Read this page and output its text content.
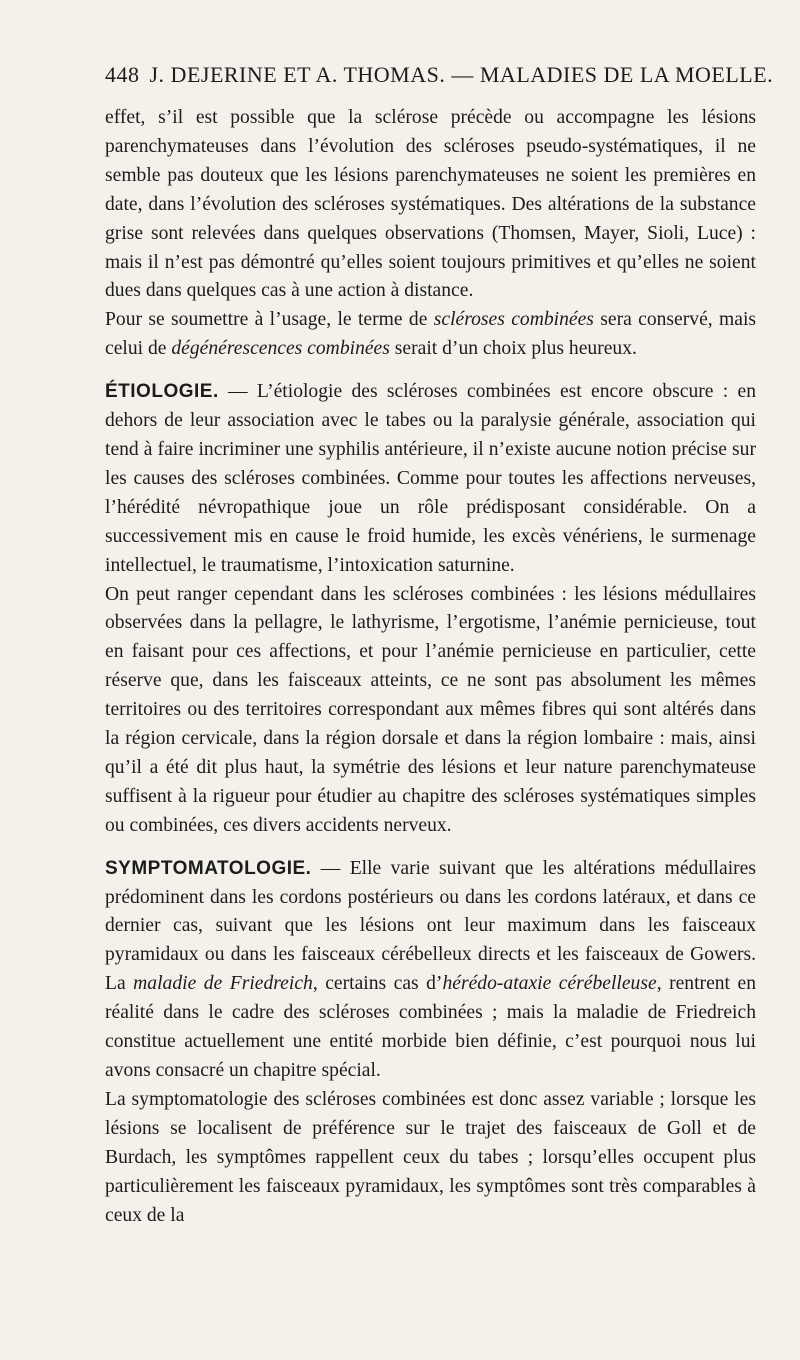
448 J. DEJERINE ET A. THOMAS. — MALADIES DE LA MOELLE.

effet, s’il est possible que la sclérose précède ou accompagne les lésions parenchymateuses dans l’évolution des scléroses pseudo-systématiques, il ne semble pas douteux que les lésions parenchymateuses ne soient les premières en date, dans l’évolution des scléroses systématiques. Des altérations de la substance grise sont relevées dans quelques observations (Thomsen, Mayer, Sioli, Luce) : mais il n’est pas démontré qu’elles soient toujours primitives et qu’elles ne soient dues dans quelques cas à une action à distance.

Pour se soumettre à l’usage, le terme de scléroses combinées sera conservé, mais celui de dégénérescences combinées serait d’un choix plus heureux.

ÉTIOLOGIE. — L’étiologie des scléroses combinées est encore obscure : en dehors de leur association avec le tabes ou la paralysie générale, association qui tend à faire incriminer une syphilis antérieure, il n’existe aucune notion précise sur les causes des scléroses combinées. Comme pour toutes les affections nerveuses, l’hérédité névropathique joue un rôle prédisposant considérable. On a successivement mis en cause le froid humide, les excès vénériens, le surmenage intellectuel, le traumatisme, l’intoxication saturnine.

On peut ranger cependant dans les scléroses combinées : les lésions médullaires observées dans la pellagre, le lathyrisme, l’ergotisme, l’anémie pernicieuse, tout en faisant pour ces affections, et pour l’anémie pernicieuse en particulier, cette réserve que, dans les faisceaux atteints, ce ne sont pas absolument les mêmes territoires ou des territoires correspondant aux mêmes fibres qui sont altérés dans la région cervicale, dans la région dorsale et dans la région lombaire : mais, ainsi qu’il a été dit plus haut, la symétrie des lésions et leur nature parenchymateuse suffisent à la rigueur pour étudier au chapitre des scléroses systématiques simples ou combinées, ces divers accidents nerveux.

SYMPTOMATOLOGIE. — Elle varie suivant que les altérations médullaires prédominent dans les cordons postérieurs ou dans les cordons latéraux, et dans ce dernier cas, suivant que les lésions ont leur maximum dans les faisceaux pyramidaux ou dans les faisceaux cérébelleux directs et les faisceaux de Gowers. La maladie de Friedreich, certains cas d’hérédo-ataxie cérébelleuse, rentrent en réalité dans le cadre des scléroses combinées ; mais la maladie de Friedreich constitue actuellement une entité morbide bien définie, c’est pourquoi nous lui avons consacré un chapitre spécial.

La symptomatologie des scléroses combinées est donc assez variable ; lorsque les lésions se localisent de préférence sur le trajet des faisceaux de Goll et de Burdach, les symptômes rappellent ceux du tabes ; lorsqu’elles occupent plus particulièrement les faisceaux pyramidaux, les symptômes sont très comparables à ceux de la
